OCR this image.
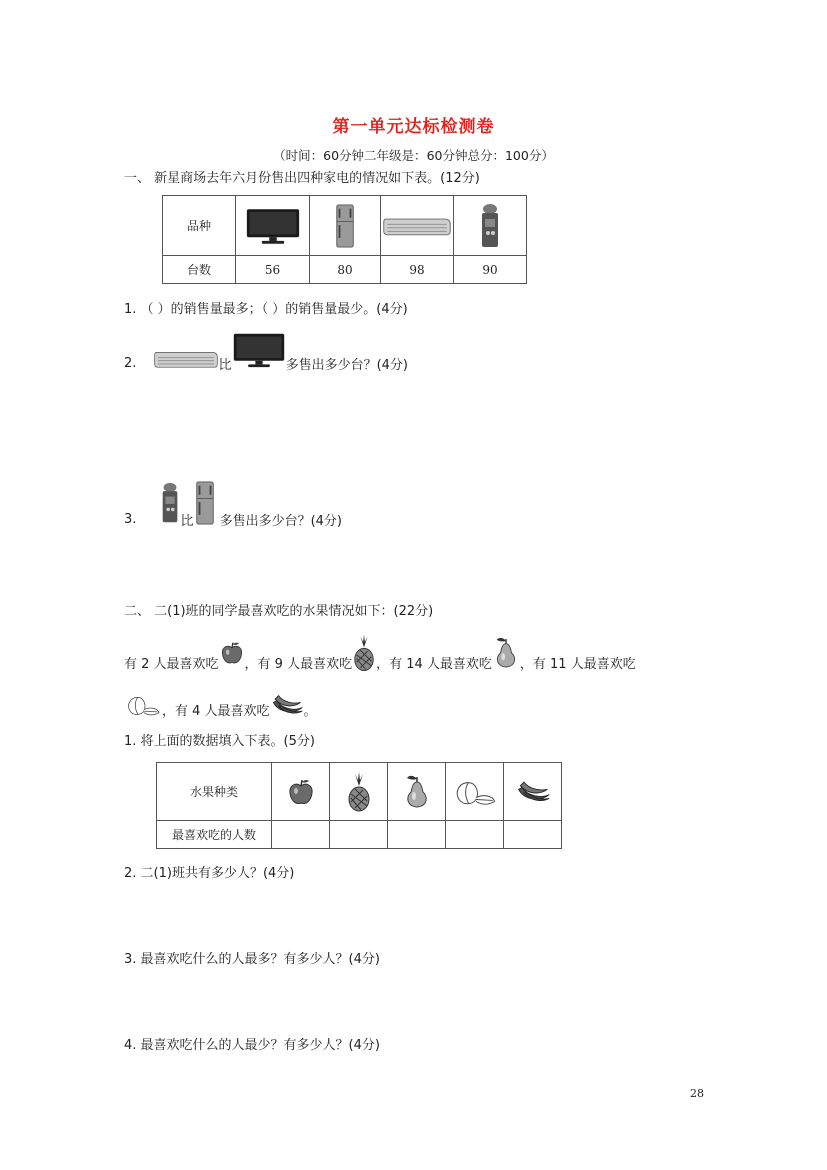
第一单元达标检测卷
（时间：60分钟二年级是：60分钟总分：100分）
一、 新星商场去年六月份售出四种家电的情况如下表。(12分)
品种	

台数	56	80	98	90
1. （ ）的销售量最多；（ ）的销售量最少。(4分)
2.	比	多售出多少台？(4分)
3.	比 多售出多少台？(4分)
二、 二(1)班的同学最喜欢吃的水果情况如下：(22分)
有 2 人最喜欢吃 ，有 9 人最喜欢吃 ，有 14 人最喜欢吃 ，有 11 人最喜欢吃
，有 4 人最喜欢吃	。
1. 将上面的数据填入下表。(5分)
水果种类	

最喜欢吃的人数					
2. 二(1)班共有多少人？(4分)
3. 最喜欢吃什么的人最多？有多少人？(4分)
4. 最喜欢吃什么的人最少？有多少人？(4分)
28
